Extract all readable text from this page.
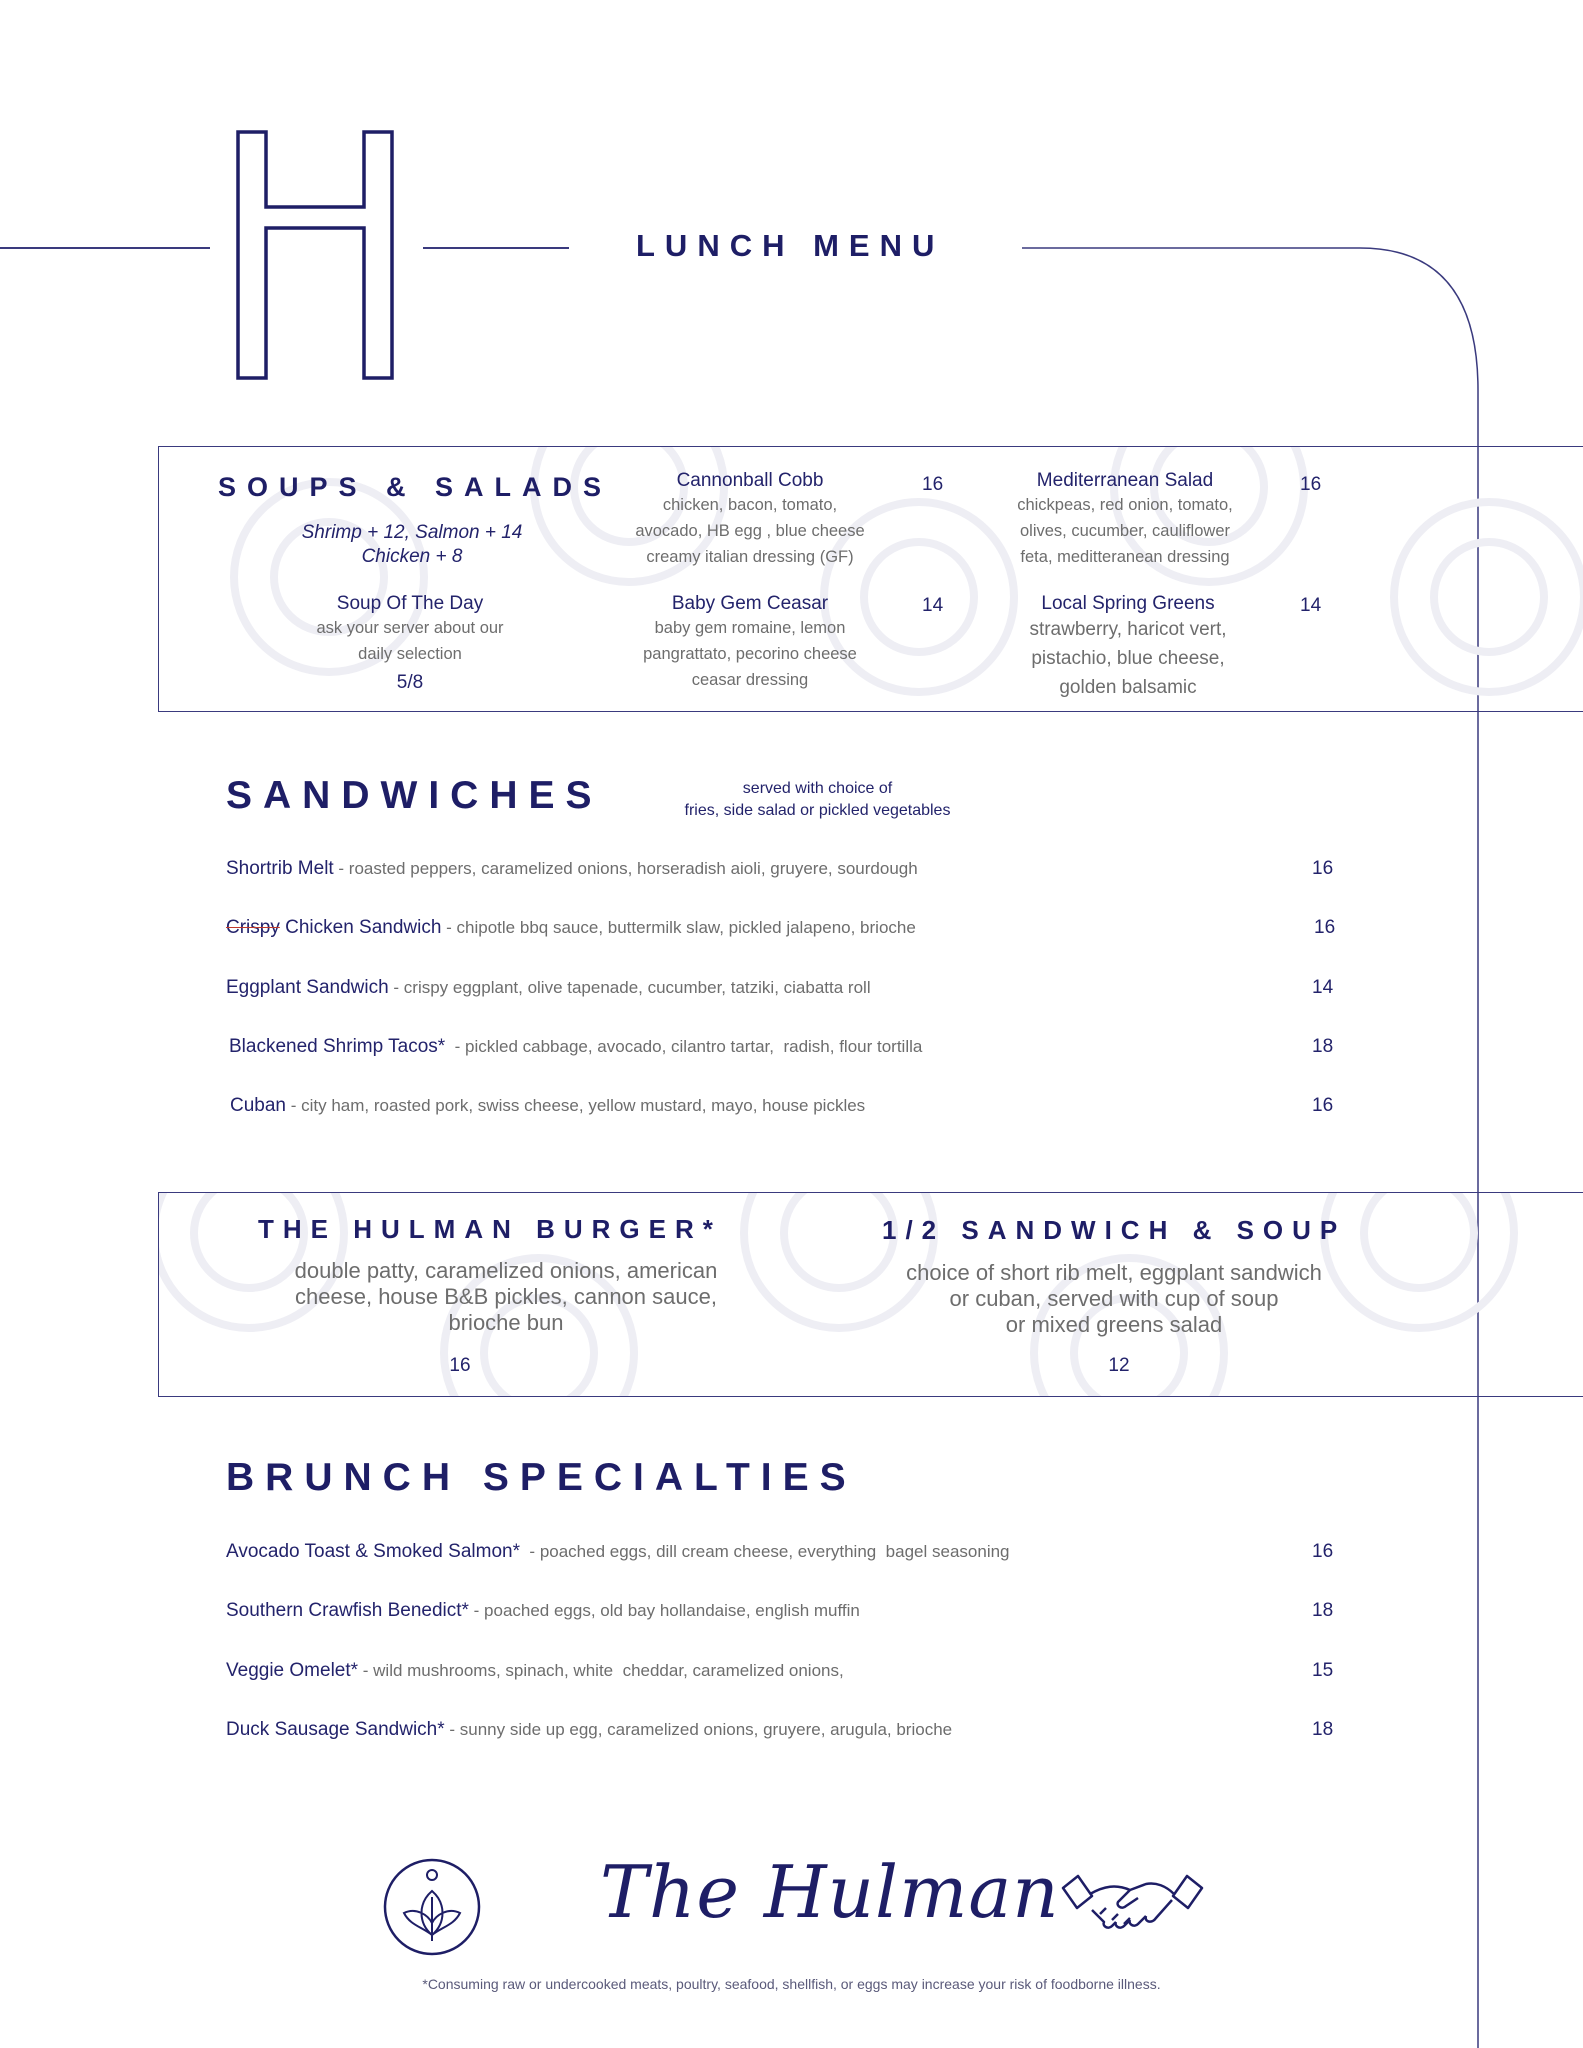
LUNCH MENU
SOUPS & SALADS
Shrimp + 12, Salmon + 14
Chicken + 8
Cannonball Cobb
chicken, bacon, tomato,
avocado, HB egg , blue cheese
creamy italian dressing (GF)
16	Mediterranean Salad
chickpeas, red onion, tomato,
olives, cucumber, cauliflower
feta, meditteranean dressing
16
Soup Of The Day
ask your server about our
daily selection
5/8
Baby Gem Ceasar
baby gem romaine, lemon
pangrattato, pecorino cheese
ceasar dressing
14	Local Spring Greens
strawberry, haricot vert,
pistachio, blue cheese,
golden balsamic
14
SANDWICHES	served with choice of
fries, side salad or pickled vegetables
Shortrib Melt - roasted peppers, caramelized onions, horseradish aioli, gruyere, sourdough	16
Crispy Chicken Sandwich - chipotle bbq sauce, buttermilk slaw, pickled jalapeno, brioche	16
Eggplant Sandwich - crispy eggplant, olive tapenade, cucumber, tatziki, ciabatta roll	14
Blackened Shrimp Tacos*  - pickled cabbage, avocado, cilantro tartar,  radish, flour tortilla	18
Cuban - city ham, roasted pork, swiss cheese, yellow mustard, mayo, house pickles	16
THE HULMAN BURGER*
double patty, caramelized onions, american
cheese, house B&B pickles, cannon sauce,
brioche bun
16
1/2 SANDWICH & SOUP
choice of short rib melt, eggplant sandwich
or cuban, served with cup of soup
or mixed greens salad
12
BRUNCH SPECIALTIES
Avocado Toast & Smoked Salmon*  - poached eggs, dill cream cheese, everything  bagel seasoning	16
Southern Crawfish Benedict* - poached eggs, old bay hollandaise, english muffin	18
Veggie Omelet* - wild mushrooms, spinach, white  cheddar, caramelized onions,	15
Duck Sausage Sandwich* - sunny side up egg, caramelized onions, gruyere, arugula, brioche	18
The Hulman
*Consuming raw or undercooked meats, poultry, seafood, shellfish, or eggs may increase your risk of foodborne illness.
